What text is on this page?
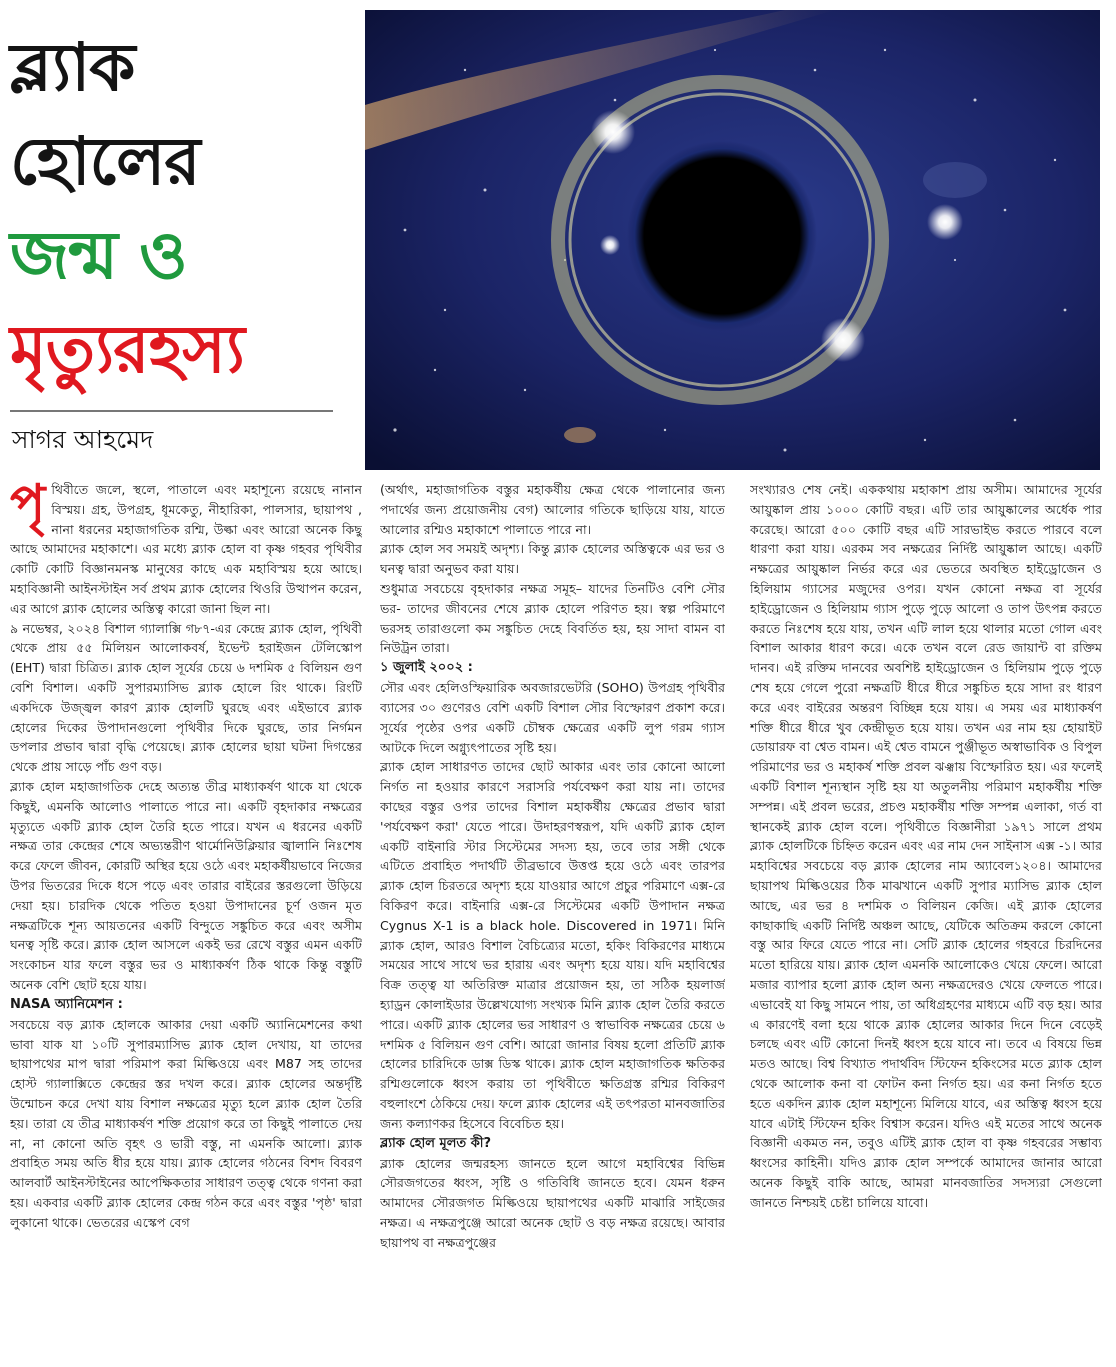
ব্ল্যাক
হোলের
জন্ম ও
মৃত্যুরহস্য
সাগর আহমেদ

পৃথিবীতে জলে, স্থলে, পাতালে এবং মহাশূন্যে রয়েছে নানান বিস্ময়। গ্রহ, উপগ্রহ, ধূমকেতু, নীহারিকা, পালসার, ছায়াপথ , নানা ধরনের মহাজাগতিক রশ্মি, উল্কা এবং আরো অনেক কিছু আছে আমাদের মহাকাশে। এর মধ্যে ব্ল্যাক হোল বা কৃষ্ণ গহবর পৃথিবীর কোটি কোটি বিজ্ঞানমনস্ক মানুষের কাছে এক মহাবিস্ময় হয়ে আছে। মহাবিজ্ঞানী আইনস্টাইন সর্ব প্রথম ব্ল্যাক হোলের থিওরি উত্থাপন করেন, এর আগে ব্ল্যাক হোলের অস্তিত্ব কারো জানা ছিল না।

৯ নভেম্বর, ২০২৪ বিশাল গ্যালাক্সি গ৮৭-এর কেন্দ্রে ব্ল্যাক হোল, পৃথিবী থেকে প্রায় ৫৫ মিলিয়ন আলোকবর্ষ, ইভেন্ট হরাইজন টেলিস্কোপ (EHT) দ্বারা চিত্রিত। ব্ল্যাক হোল সূর্যের চেয়ে ৬ দশমিক ৫ বিলিয়ন গুণ বেশি বিশাল। একটি সুপারম্যাসিভ ব্ল্যাক হোলে রিং থাকে। রিংটি একদিকে উজ্জ্বল কারণ ব্ল্যাক হোলটি ঘুরছে এবং এইভাবে ব্ল্যাক হোলের দিকের উপাদানগুলো পৃথিবীর দিকে ঘুরছে, তার নির্গমন ডপলার প্রভাব দ্বারা বৃদ্ধি পেয়েছে। ব্ল্যাক হোলের ছায়া ঘটনা দিগন্তের থেকে প্রায় সাড়ে পাঁচ গুণ বড়।

ব্ল্যাক হোল মহাজাগতিক দেহে অত্যন্ত তীব্র মাধ্যাকর্ষণ থাকে যা থেকে কিছুই, এমনকি আলোও পালাতে পারে না। একটি বৃহদাকার নক্ষত্রের মৃত্যুতে একটি ব্ল্যাক হোল তৈরি হতে পারে। যখন এ ধরনের একটি নক্ষত্র তার কেন্দ্রের শেষে অভ্যন্তরীণ থার্মোনিউক্লিয়ার জ্বালানি নিঃশেষ করে ফেলে জীবন, কোরটি অস্থির হয়ে ওঠে এবং মহাকর্ষীয়ভাবে নিজের উপর ভিতরের দিকে ধসে পড়ে এবং তারার বাইরের স্তরগুলো উড়িয়ে দেয়া হয়। চারদিক থেকে পতিত হওয়া উপাদানের চূর্ণ ওজন মৃত নক্ষত্রটিকে শূন্য আয়তনের একটি বিন্দুতে সঙ্কুচিত করে এবং অসীম ঘনত্ব সৃষ্টি করে। ব্ল্যাক হোল আসলে একই ভর রেখে বস্তুর এমন একটি সংকোচন যার ফলে বস্তুর ভর ও মাধ্যাকর্ষণ ঠিক থাকে কিন্তু বস্তুটি অনেক বেশি ছোট হয়ে যায়।

NASA অ্যানিমেশন :

সবচেয়ে বড় ব্ল্যাক হোলকে আকার দেয়া একটি অ্যানিমেশনের কথা ভাবা যাক যা ১০টি সুপারম্যাসিভ ব্ল্যাক হোল দেখায়, যা তাদের ছায়াপথের মাপ দ্বারা পরিমাপ করা মিল্কিওয়ে এবং M87 সহ তাদের হোস্ট গ্যালাক্সিতে কেন্দ্রের স্তর দখল করে। ব্ল্যাক হোলের অন্তর্দৃষ্টি উন্মোচন করে দেখা যায় বিশাল নক্ষত্রের মৃত্যু হলে ব্ল্যাক হোল তৈরি হয়। তারা যে তীব্র মাধ্যাকর্ষণ শক্তি প্রয়োগ করে তা কিছুই পালাতে দেয় না, না কোনো অতি বৃহৎ ও ভারী বস্তু, না এমনকি আলো। ব্ল্যাক প্রবাহিত সময় অতি ধীর হয়ে যায়। ব্ল্যাক হোলের গঠনের বিশদ বিবরণ আলবার্ট আইনস্টাইনের আপেক্ষিকতার সাধারণ তত্ত্ব থেকে গণনা করা হয়। একবার একটি ব্ল্যাক হোলের কেন্দ্র গঠন করে এবং বস্তুর 'পৃষ্ঠ' দ্বারা লুকানো থাকে। ভেতরের এস্কেপ বেগ

(অর্থাৎ, মহাজাগতিক বস্তুর মহাকর্ষীয় ক্ষেত্র থেকে পালানোর জন্য পদার্থের জন্য প্রয়োজনীয় বেগ) আলোর গতিকে ছাড়িয়ে যায়, যাতে আলোর রশ্মিও মহাকাশে পালাতে পারে না।

ব্ল্যাক হোল সব সময়ই অদৃশ্য। কিন্তু ব্ল্যাক হোলের অস্তিত্বকে এর ভর ও ঘনত্ব দ্বারা অনুভব করা যায়।

শুধুমাত্র সবচেয়ে বৃহদাকার নক্ষত্র সমূহ– যাদের তিনটিও বেশি সৌর ভর- তাদের জীবনের শেষে ব্ল্যাক হোলে পরিণত হয়। স্বল্প পরিমাণে ভরসহ তারাগুলো কম সঙ্কুচিত দেহে বিবর্তিত হয়, হয় সাদা বামন বা নিউট্রন তারা।

১ জুলাই ২০০২ :

সৌর এবং হেলিওস্ফিয়ারিক অবজারভেটরি (SOHO) উপগ্রহ পৃথিবীর ব্যাসের ৩০ গুণেরও বেশি একটি বিশাল সৌর বিস্ফোরণ প্রকাশ করে। সূর্যের পৃষ্ঠের ওপর একটি চৌম্বক ক্ষেত্রের একটি লুপ গরম গ্যাস আটকে দিলে অগ্ন্যুৎপাতের সৃষ্টি হয়।

ব্ল্যাক হোল সাধারণত তাদের ছোট আকার এবং তার কোনো আলো নির্গত না হওয়ার কারণে সরাসরি পর্যবেক্ষণ করা যায় না। তাদের কাছের বস্তুর ওপর তাদের বিশাল মহাকর্ষীয় ক্ষেত্রের প্রভাব দ্বারা 'পর্যবেক্ষণ করা' যেতে পারে। উদাহরণস্বরূপ, যদি একটি ব্ল্যাক হোল একটি বাইনারি স্টার সিস্টেমের সদস্য হয়, তবে তার সঙ্গী থেকে এটিতে প্রবাহিত পদার্থটি তীব্রভাবে উত্তপ্ত হয়ে ওঠে এবং তারপর ব্ল্যাক হোল চিরতরে অদৃশ্য হয়ে যাওয়ার আগে প্রচুর পরিমাণে এক্স-রে বিকিরণ করে। বাইনারি এক্স-রে সিস্টেমের একটি উপাদান নক্ষত্র Cygnus X-1 is a black hole. Discovered in 1971। মিনি ব্ল্যাক হোল, আরও বিশাল বৈচিত্র্যের মতো, হকিং বিকিরণের মাধ্যমে সময়ের সাথে সাথে ভর হারায় এবং অদৃশ্য হয়ে যায়। যদি মহাবিশ্বের বিক্র তত্ত্ব যা অতিরিক্ত মাত্রার প্রয়োজন হয়, তা সঠিক হয়লার্জ হ্যাড্রন কোলাইডার উল্লেখযোগ্য সংখ্যক মিনি ব্ল্যাক হোল তৈরি করতে পারে। একটি ব্ল্যাক হোলের ভর সাধারণ ও স্বাভাবিক নক্ষত্রের চেয়ে ৬ দশমিক ৫ বিলিয়ন গুণ বেশি। আরো জানার বিষয় হলো প্রতিটি ব্ল্যাক হোলের চারিদিকে ডাক্স ডিস্ক থাকে। ব্ল্যাক হোল মহাজাগতিক ক্ষতিকর রশ্মিগুলোকে ধ্বংস করায় তা পৃথিবীতে ক্ষতিগ্রস্ত রশ্মির বিকিরণ বহুলাংশে ঠেকিয়ে দেয়। ফলে ব্ল্যাক হোলের এই তৎপরতা মানবজাতির জন্য কল্যাণকর হিসেবে বিবেচিত হয়।

ব্ল্যাক হোল মূলত কী?

ব্ল্যাক হোলের জন্মরহস্য জানতে হলে আগে মহাবিশ্বের বিভিন্ন সৌরজগতের ধ্বংস, সৃষ্টি ও গতিবিধি জানতে হবে। যেমন ধরুন আমাদের সৌরজগত মিল্কিওয়ে ছায়াপথের একটি মাঝারি সাইজের নক্ষত্র। এ নক্ষত্রপুঞ্জে আরো অনেক ছোট ও বড় নক্ষত্র রয়েছে। আবার ছায়াপথ বা নক্ষত্রপুঞ্জের

সংখ্যারও শেষ নেই। এককথায় মহাকাশ প্রায় অসীম। আমাদের সূর্যের আয়ুষ্কাল প্রায় ১০০০ কোটি বছর। এটি তার আয়ুষ্কালের অর্ধেক পার করেছে। আরো ৫০০ কোটি বছর এটি সারভাইভ করতে পারবে বলে ধারণা করা যায়। এরকম সব নক্ষত্রের নির্দিষ্ট আয়ুষ্কাল আছে। একটি নক্ষত্রের আয়ুষ্কাল নির্ভর করে এর ভেতরে অবস্থিত হাইড্রোজেন ও হিলিয়াম গ্যাসের মজুদের ওপর। যখন কোনো নক্ষত্র বা সূর্যের হাইড্রোজেন ও হিলিয়াম গ্যাস পুড়ে পুড়ে আলো ও তাপ উৎপন্ন করতে করতে নিঃশেষ হয়ে যায়, তখন এটি লাল হয়ে থালার মতো গোল এবং বিশাল আকার ধারণ করে। একে তখন বলে রেড জায়ান্ট বা রক্তিম দানব। এই রক্তিম দানবের অবশিষ্ট হাইড্রোজেন ও হিলিয়াম পুড়ে পুড়ে শেষ হয়ে গেলে পুরো নক্ষত্রটি ধীরে ধীরে সঙ্কুচিত হয়ে সাদা রং ধারণ করে এবং বাইরের অন্তরণ বিচ্ছিন্ন হয়ে যায়। এ সময় এর মাধ্যাকর্ষণ শক্তি ধীরে ধীরে খুব কেন্দ্রীভূত হয়ে যায়। তখন এর নাম হয় হোয়াইট ডোয়ারফ বা শ্বেত বামন। এই শ্বেত বামনে পুঞ্জীভূত অস্বাভাবিক ও বিপুল পরিমাণের ভর ও মহাকর্ষ শক্তি প্রবল ঝঞ্ঝায় বিস্ফোরিত হয়। এর ফলেই একটি বিশাল শূন্যস্থান সৃষ্টি হয় যা অতুলনীয় পরিমাণ মহাকর্ষীয় শক্তি সম্পন্ন। এই প্রবল ভরের, প্রচণ্ড মহাকর্ষীয় শক্তি সম্পন্ন এলাকা, গর্ত বা স্থানকেই ব্ল্যাক হোল বলে। পৃথিবীতে বিজ্ঞানীরা ১৯৭১ সালে প্রথম ব্ল্যাক হোলটিকে চিহ্নিত করেন এবং এর নাম দেন সাইনাস এক্স -১। আর মহাবিশ্বের সবচেয়ে বড় ব্ল্যাক হোলের নাম অ্যাবেল১২০৪। আমাদের ছায়াপথ মিল্কিওয়ের ঠিক মাঝখানে একটি সুপার ম্যাসিভ ব্ল্যাক হোল আছে, এর ভর ৪ দশমিক ৩ বিলিয়ন কেজি। এই ব্ল্যাক হোলের কাছাকাছি একটি নির্দিষ্ট অঞ্চল আছে, যেটিকে অতিক্রম করলে কোনো বস্তু আর ফিরে যেতে পারে না। সেটি ব্ল্যাক হোলের গহবরে চিরদিনের মতো হারিয়ে যায়। ব্ল্যাক হোল এমনকি আলোকেও খেয়ে ফেলে। আরো মজার ব্যাপার হলো ব্ল্যাক হোল অন্য নক্ষত্রদেরও খেয়ে ফেলতে পারে। এভাবেই যা কিছু সামনে পায়, তা অধিগ্রহণের মাধ্যমে এটি বড় হয়। আর এ কারণেই বলা হয়ে থাকে ব্ল্যাক হোলের আকার দিনে দিনে বেড়েই চলছে এবং এটি কোনো দিনই ধ্বংস হয়ে যাবে না। তবে এ বিষয়ে ভিন্ন মতও আছে। বিশ্ব বিখ্যাত পদার্থবিদ স্টিফেন হকিংসের মতে ব্ল্যাক হোল থেকে আলোক কনা বা ফোটন কনা নির্গত হয়। এর কনা নির্গত হতে হতে একদিন ব্ল্যাক হোল মহাশূন্যে মিলিয়ে যাবে, এর অস্তিত্ব ধ্বংস হয়ে যাবে এটাই স্টিফেন হকিং বিশ্বাস করেন। যদিও এই মতের সাথে অনেক বিজ্ঞানী একমত নন, তবুও এটিই ব্ল্যাক হোল বা কৃষ্ণ গহবরের সম্ভাব্য ধ্বংসের কাহিনী। যদিও ব্ল্যাক হোল সম্পর্কে আমাদের জানার আরো অনেক কিছুই বাকি আছে, আমরা মানবজাতির সদস্যরা সেগুলো জানতে নিশ্চয়ই চেষ্টা চালিয়ে যাবো।
